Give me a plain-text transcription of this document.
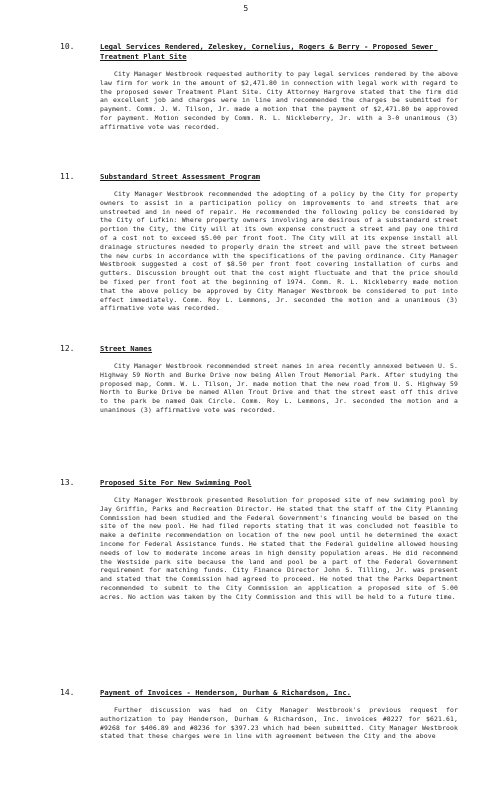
5
10.	Legal Services Rendered, Zeleskey, Cornelius, Rogers & Berry - Proposed Sewer Treatment Plant Site
City Manager Westbrook requested authority to pay legal services rendered by the above law firm for work in the amount of $2,471.80 in connection with legal work with regard to the proposed sewer Treatment Plant Site. City Attorney Hargrove stated that the firm did an excellent job and charges were in line and recommended the charges be submitted for payment. Comm. J. W. Tilson, Jr. made a motion that the payment of $2,471.80 be approved for payment. Motion seconded by Comm. R. L. Nickleberry, Jr. with a 3-0 unanimous (3) affirmative vote was recorded.
11.	Substandard Street Assessment Program
City Manager Westbrook recommended the adopting of a policy by the City for property owners to assist in a participation policy on improvements to and streets that are unstreeted and in need of repair. He recommended the following policy be considered by the City of Lufkin: Where property owners involving are desirous of a substandard street portion the City, the City will at its own expense construct a street and pay one third of a cost not to exceed $5.00 per front foot. The City will at its expense install all drainage structures needed to properly drain the street and will pave the street between the new curbs in accordance with the specifications of the paving ordinance. City Manager Westbrook suggested a cost of $8.50 per front foot covering installation of curbs and gutters. Discussion brought out that the cost might fluctuate and that the price should be fixed per front foot at the beginning of 1974. Comm. R. L. Nickleberry made motion that the above policy be approved by City Manager Westbrook be considered to put into effect immediately. Comm. Roy L. Lemmons, Jr. seconded the motion and a unanimous (3) affirmative vote was recorded.
12.	Street Names
City Manager Westbrook recommended street names in area recently annexed between U. S. Highway 59 North and Burke Drive now being Allen Trout Memorial Park. After studying the proposed map, Comm. W. L. Tilson, Jr. made motion that the new road from U. S. Highway 59 North to Burke Drive be named Allen Trout Drive and that the street east off this drive to the park be named Oak Circle. Comm. Roy L. Lemmons, Jr. seconded the motion and a unanimous (3) affirmative vote was recorded.
13.	Proposed Site For New Swimming Pool
City Manager Westbrook presented Resolution for proposed site of new swimming pool by Jay Griffin, Parks and Recreation Director. He stated that the staff of the City Planning Commission had been studied and the Federal Government's financing would be based on the site of the new pool. He had filed reports stating that it was concluded not feasible to make a definite recommendation on location of the new pool until he determined the exact income for Federal Assistance funds. He stated that the Federal guideline allowed housing needs of low to moderate income areas in high density population areas. He did recommend the Westside park site because the land and pool be a part of the Federal Government requirement for matching funds. City Finance Director John S. Tilling, Jr. was present and stated that the Commission had agreed to proceed. He noted that the Parks Department recommended to submit to the City Commission an application a proposed site of 5.00 acres. No action was taken by the City Commission and this will be held to a future time.
14.	Payment of Invoices - Henderson, Durham & Richardson, Inc.
Further discussion was had on City Manager Westbrook's previous request for authorization to pay Henderson, Durham & Richardson, Inc. invoices #8227 for $621.61, #9268 for $406.89 and #8236 for $397.23 which had been submitted. City Manager Westbrook stated that these charges were in line with agreement between the City and the above
